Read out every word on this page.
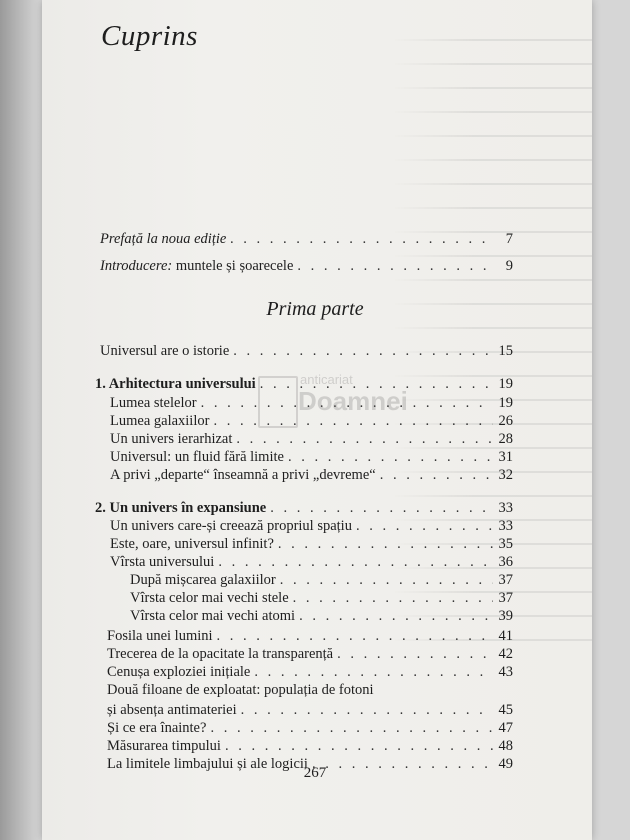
Cuprins
Prefață la noua ediție . . .	7
Introducere: muntele și șoarecele . . .	9
Prima parte
Universul are o istorie . . .	15
1. Arhitectura universului . . .	19
Lumea stelelor . . .	19
Lumea galaxiilor . . .	26
Un univers ierarhizat . . .	28
Universul: un fluid fără limite . . .	31
A privi „departe“ înseamnă a privi „devreme“ . . .	32
2. Un univers în expansiune . . .	33
Un univers care-și creează propriul spațiu . . .	33
Este, oare, universul infinit? . . .	35
Vîrsta universului . . .	36
După mișcarea galaxiilor . . .	37
Vîrsta celor mai vechi stele . . .	37
Vîrsta celor mai vechi atomi . . .	39
Fosila unei lumini . . .	41
Trecerea de la opacitate la transparență . . .	42
Cenușa exploziei inițiale . . .	43
Două filoane de exploatat: populația de fotoni
și absența antimateriei . . .	45
Și ce era înainte? . . .	47
Măsurarea timpului . . .	48
La limitele limbajului și ale logicii . . .	49
267
anticariat
Doamnei
